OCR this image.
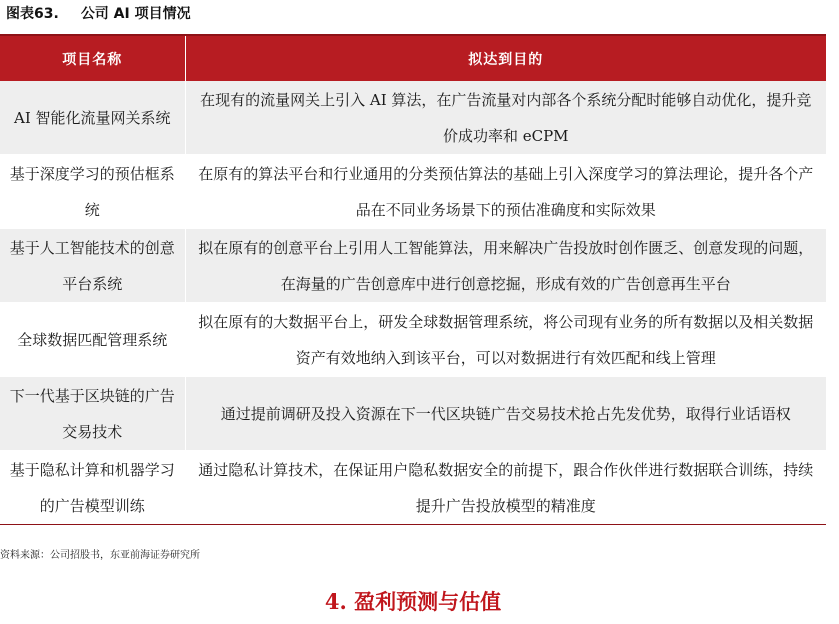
图表63. 公司 AI 项目情况
项目名称	拟达到目的
AI 智能化流量网关系统	在现有的流量网关上引入 AI 算法，在广告流量对内部各个系统分配时能够自动优化，提升竞价成功率和 eCPM
基于深度学习的预估框系统	在原有的算法平台和行业通用的分类预估算法的基础上引入深度学习的算法理论，提升各个产品在不同业务场景下的预估准确度和实际效果
基于人工智能技术的创意平台系统	拟在原有的创意平台上引用人工智能算法，用来解决广告投放时创作匮乏、创意发现的问题，在海量的广告创意库中进行创意挖掘，形成有效的广告创意再生平台
全球数据匹配管理系统	拟在原有的大数据平台上，研发全球数据管理系统，将公司现有业务的所有数据以及相关数据资产有效地纳入到该平台，可以对数据进行有效匹配和线上管理
下一代基于区块链的广告交易技术	通过提前调研及投入资源在下一代区块链广告交易技术抢占先发优势，取得行业话语权
基于隐私计算和机器学习的广告模型训练	通过隐私计算技术，在保证用户隐私数据安全的前提下，跟合作伙伴进行数据联合训练，持续提升广告投放模型的精准度
资料来源：公司招股书，东亚前海证券研究所
4. 盈利预测与估值
